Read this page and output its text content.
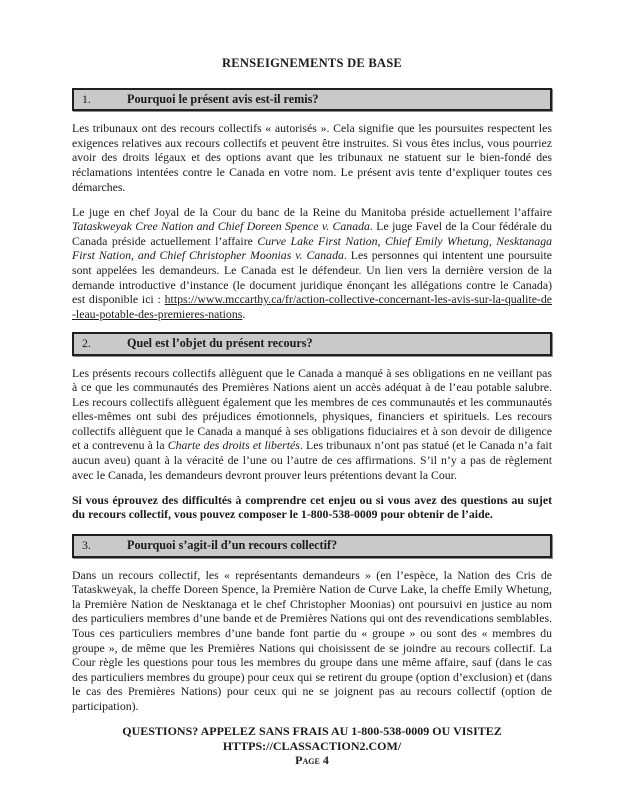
RENSEIGNEMENTS DE BASE
1.	Pourquoi le présent avis est-il remis?

Les tribunaux ont des recours collectifs « autorisés ». Cela signifie que les poursuites respectent les exigences relatives aux recours collectifs et peuvent être instruites. Si vous êtes inclus, vous pourriez avoir des droits légaux et des options avant que les tribunaux ne statuent sur le bien-fondé des réclamations intentées contre le Canada en votre nom. Le présent avis tente d’expliquer toutes ces démarches.

Le juge en chef Joyal de la Cour du banc de la Reine du Manitoba préside actuellement l’affaire Tataskweyak Cree Nation and Chief Doreen Spence v. Canada. Le juge Favel de la Cour fédérale du Canada préside actuellement l’affaire Curve Lake First Nation, Chief Emily Whetung, Nesktanaga First Nation, and Chief Christopher Moonias v. Canada. Les personnes qui intentent une poursuite sont appelées les demandeurs. Le Canada est le défendeur. Un lien vers la dernière version de la demande introductive d’instance (le document juridique énonçant les allégations contre le Canada) est disponible ici : https://www.mccarthy.ca/fr/action-collective-concernant-les-avis-sur-la-qualite-de-leau-potable-des-premieres-nations.

2.	Quel est l’objet du présent recours?

Les présents recours collectifs allèguent que le Canada a manqué à ses obligations en ne veillant pas à ce que les communautés des Premières Nations aient un accès adéquat à de l’eau potable salubre. Les recours collectifs allèguent également que les membres de ces communautés et les communautés elles-mêmes ont subi des préjudices émotionnels, physiques, financiers et spirituels. Les recours collectifs allèguent que le Canada a manqué à ses obligations fiduciaires et à son devoir de diligence et a contrevenu à la Charte des droits et libertés. Les tribunaux n’ont pas statué (et le Canada n’a fait aucun aveu) quant à la véracité de l’une ou l’autre de ces affirmations. S’il n’y a pas de règlement avec le Canada, les demandeurs devront prouver leurs prétentions devant la Cour.

Si vous éprouvez des difficultés à comprendre cet enjeu ou si vous avez des questions au sujet du recours collectif, vous pouvez composer le 1-800-538-0009 pour obtenir de l’aide.

3.	Pourquoi s’agit-il d’un recours collectif?

Dans un recours collectif, les « représentants demandeurs » (en l’espèce, la Nation des Cris de Tataskweyak, la cheffe Doreen Spence, la Première Nation de Curve Lake, la cheffe Emily Whetung, la Première Nation de Nesktanaga et le chef Christopher Moonias) ont poursuivi en justice au nom des particuliers membres d’une bande et de Premières Nations qui ont des revendications semblables. Tous ces particuliers membres d’une bande font partie du « groupe » ou sont des « membres du groupe », de même que les Premières Nations qui choisissent de se joindre au recours collectif. La Cour règle les questions pour tous les membres du groupe dans une même affaire, sauf (dans le cas des particuliers membres du groupe) pour ceux qui se retirent du groupe (option d’exclusion) et (dans le cas des Premières Nations) pour ceux qui ne se joignent pas au recours collectif (option de participation).

QUESTIONS? APPELEZ SANS FRAIS AU 1-800-538-0009 OU VISITEZ
HTTPS://CLASSACTION2.COM/
Page 4
